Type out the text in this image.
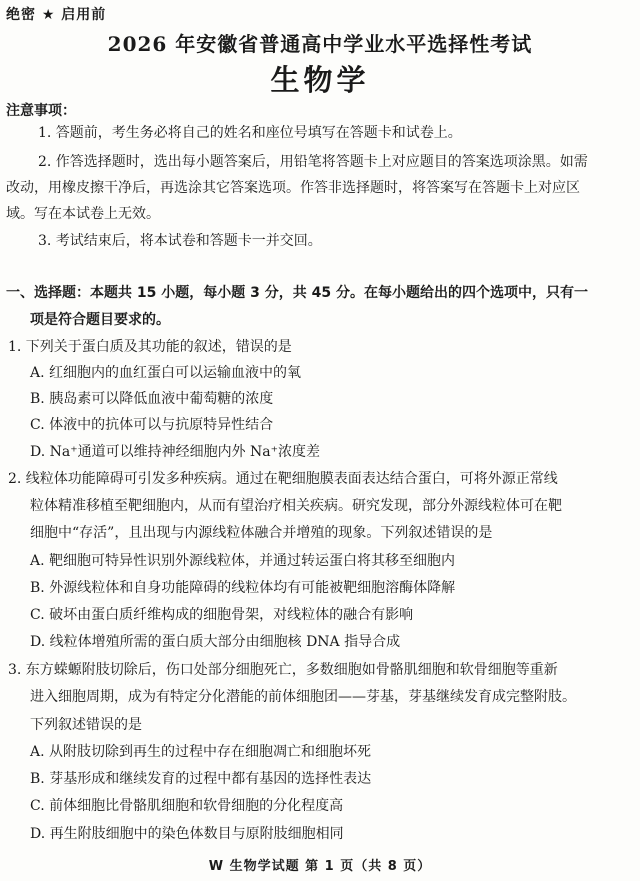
绝密 ★ 启用前
2026 年安徽省普通高中学业水平选择性考试
生物学
注意事项：
1. 答题前，考生务必将自己的姓名和座位号填写在答题卡和试卷上。
2. 作答选择题时，选出每小题答案后，用铅笔将答题卡上对应题目的答案选项涂黑。如需
改动，用橡皮擦干净后，再选涂其它答案选项。作答非选择题时，将答案写在答题卡上对应区
域。写在本试卷上无效。
3. 考试结束后，将本试卷和答题卡一并交回。
一、选择题：本题共 15 小题，每小题 3 分，共 45 分。在每小题给出的四个选项中，只有一
项是符合题目要求的。
1. 下列关于蛋白质及其功能的叙述，错误的是
A. 红细胞内的血红蛋白可以运输血液中的氧
B. 胰岛素可以降低血液中葡萄糖的浓度
C. 体液中的抗体可以与抗原特异性结合
D. Na⁺通道可以维持神经细胞内外 Na⁺浓度差
2. 线粒体功能障碍可引发多种疾病。通过在靶细胞膜表面表达结合蛋白，可将外源正常线
粒体精准移植至靶细胞内，从而有望治疗相关疾病。研究发现，部分外源线粒体可在靶
细胞中“存活”，且出现与内源线粒体融合并增殖的现象。下列叙述错误的是
A. 靶细胞可特异性识别外源线粒体，并通过转运蛋白将其移至细胞内
B. 外源线粒体和自身功能障碍的线粒体均有可能被靶细胞溶酶体降解
C. 破坏由蛋白质纤维构成的细胞骨架，对线粒体的融合有影响
D. 线粒体增殖所需的蛋白质大部分由细胞核 DNA 指导合成
3. 东方蝾螈附肢切除后，伤口处部分细胞死亡，多数细胞如骨骼肌细胞和软骨细胞等重新
进入细胞周期，成为有特定分化潜能的前体细胞团——芽基，芽基继续发育成完整附肢。
下列叙述错误的是
A. 从附肢切除到再生的过程中存在细胞凋亡和细胞坏死
B. 芽基形成和继续发育的过程中都有基因的选择性表达
C. 前体细胞比骨骼肌细胞和软骨细胞的分化程度高
D. 再生附肢细胞中的染色体数目与原附肢细胞相同
W 生物学试题 第 1 页（共 8 页）
